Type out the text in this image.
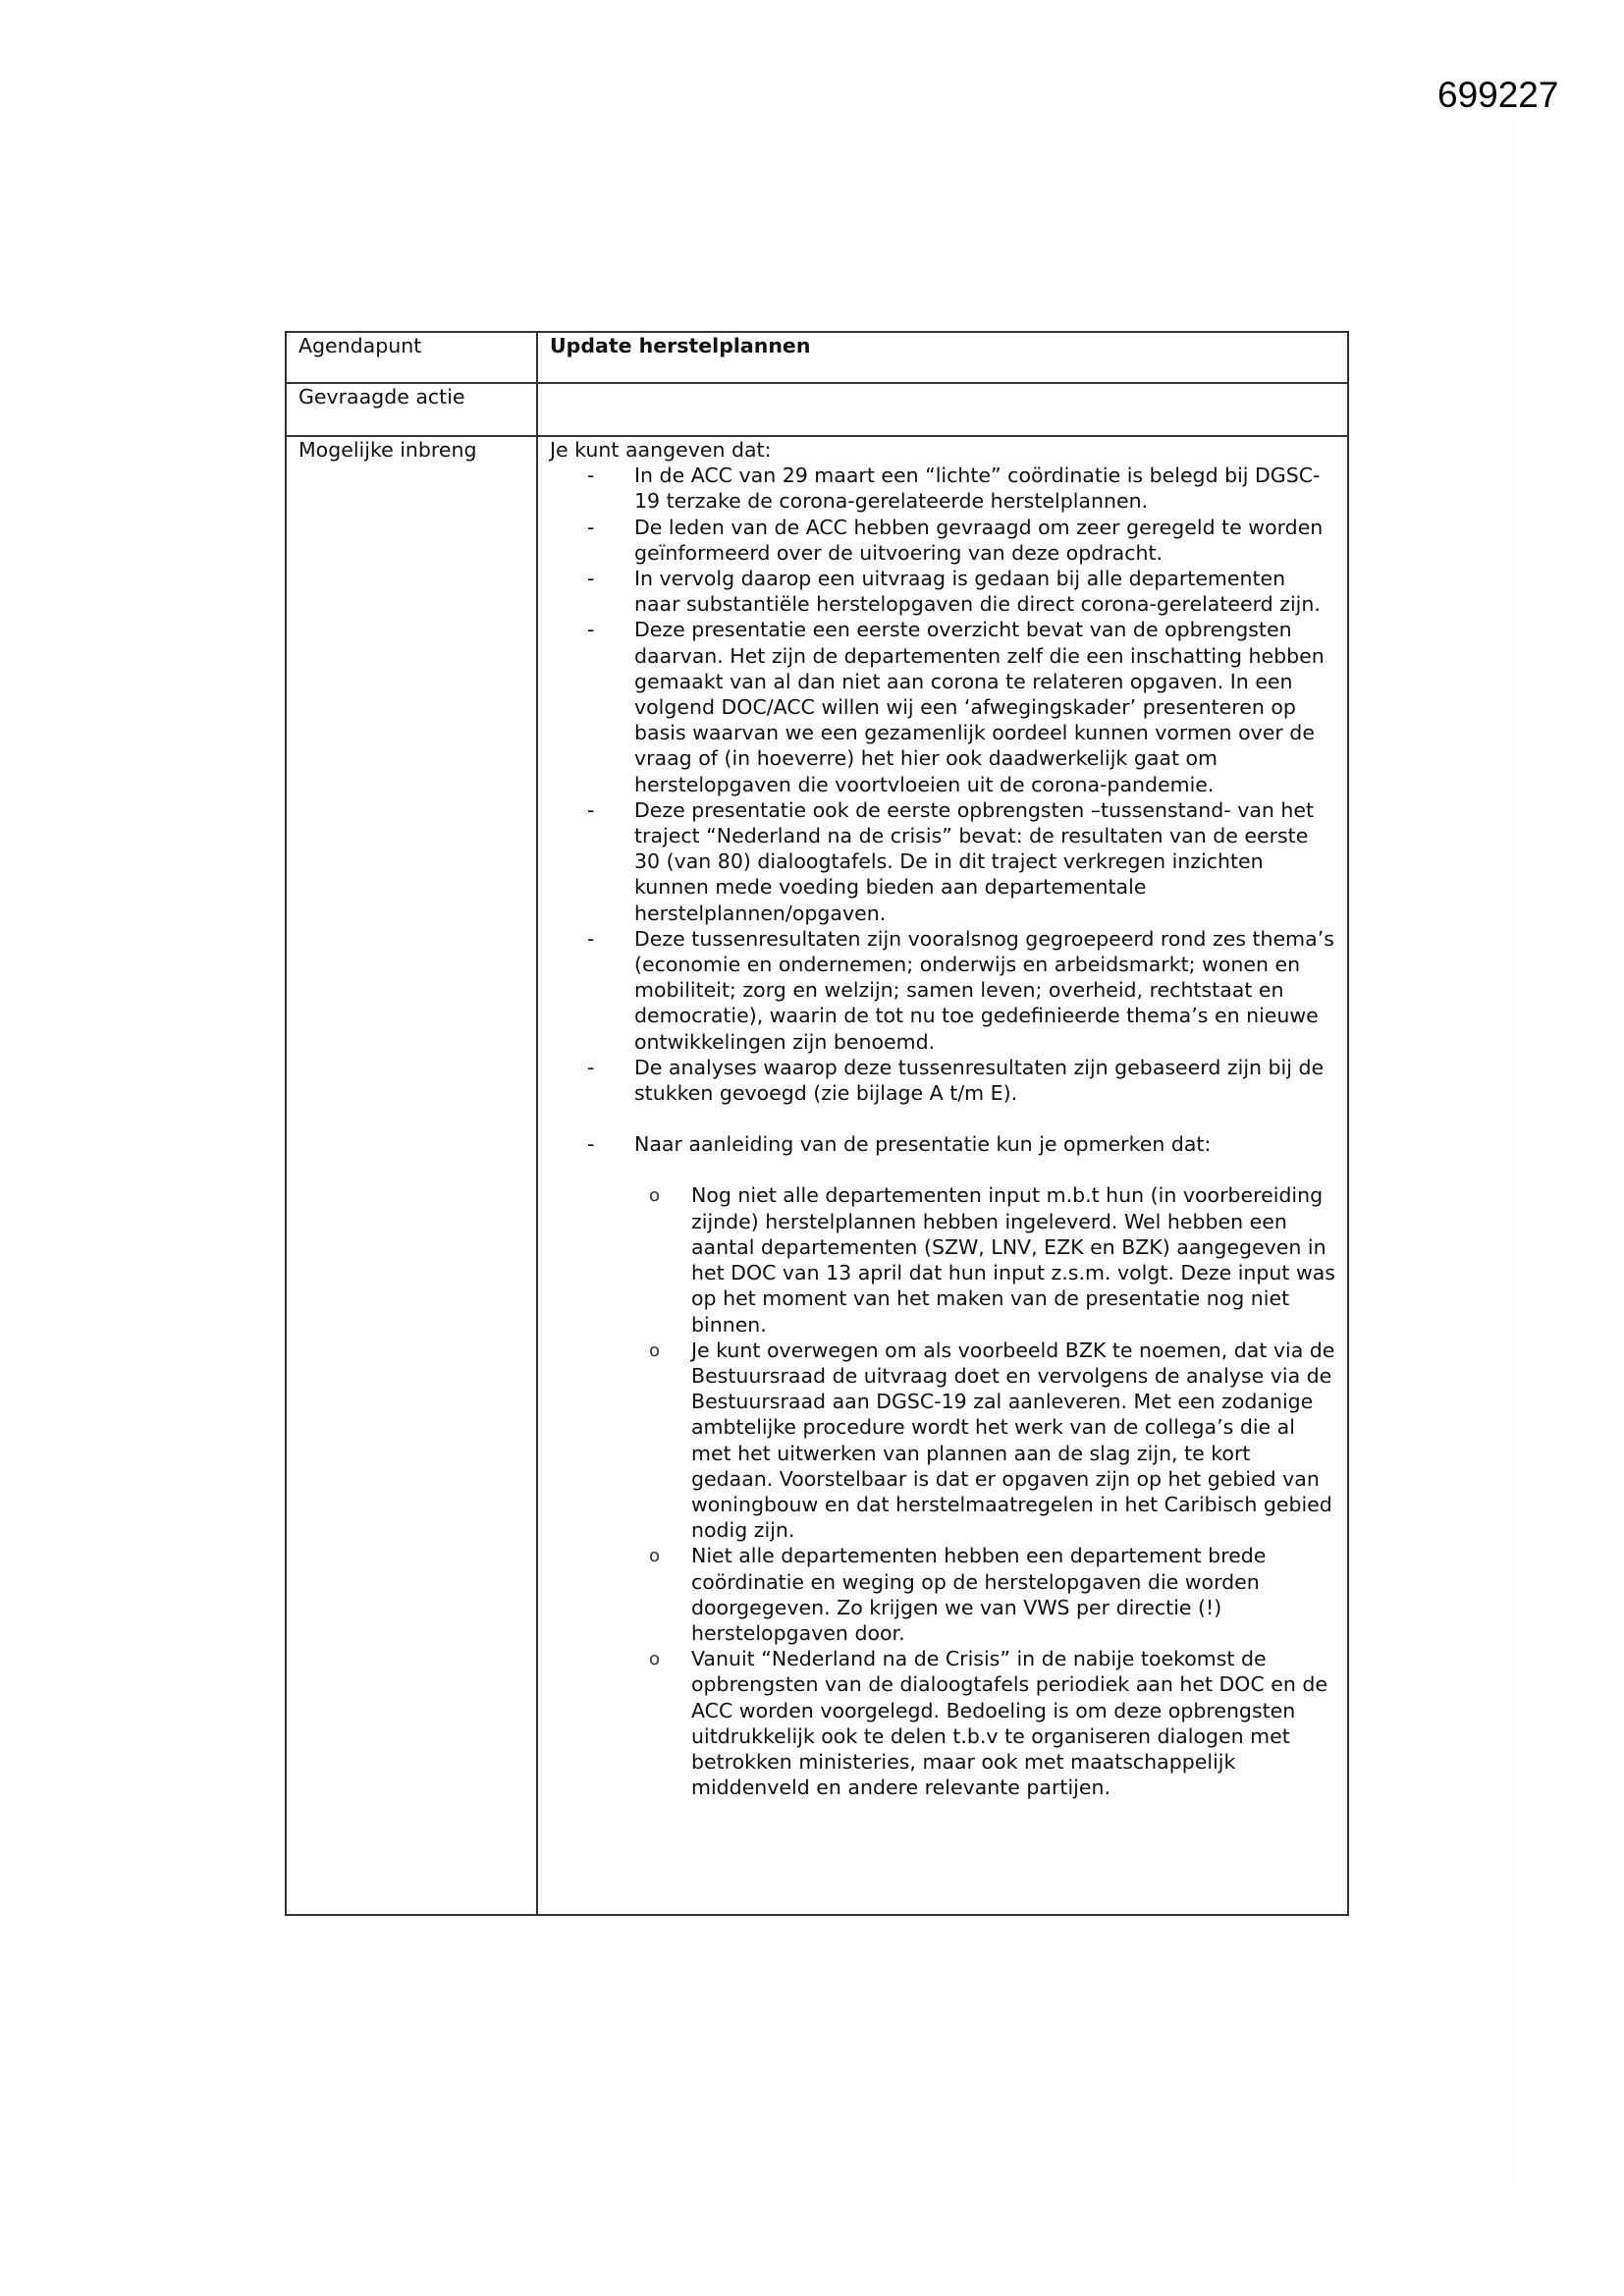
699227
Agendapunt	Update herstelplannen
Gevraagde actie	
Mogelijke inbreng	Je kunt aangeven dat:

-	In de ACC van 29 maart een “lichte” coördinatie is belegd bij DGSC-19 terzake de corona-gerelateerde herstelplannen.
-	De leden van de ACC hebben gevraagd om zeer geregeld te worden geïnformeerd over de uitvoering van deze opdracht.
-	In vervolg daarop een uitvraag is gedaan bij alle departementen naar substantiële herstelopgaven die direct corona-gerelateerd zijn.
-	Deze presentatie een eerste overzicht bevat van de opbrengsten daarvan. Het zijn de departementen zelf die een inschatting hebben gemaakt van al dan niet aan corona te relateren opgaven. In een volgend DOC/ACC willen wij een ‘afwegingskader’ presenteren op basis waarvan we een gezamenlijk oordeel kunnen vormen over de vraag of (in hoeverre) het hier ook daadwerkelijk gaat om herstelopgaven die voortvloeien uit de corona-pandemie.
-	Deze presentatie ook de eerste opbrengsten –tussenstand- van het traject “Nederland na de crisis” bevat: de resultaten van de eerste 30 (van 80) dialoogtafels. De in dit traject verkregen inzichten kunnen mede voeding bieden aan departementale herstelplannen/opgaven.
-	Deze tussenresultaten zijn vooralsnog gegroepeerd rond zes thema’s (economie en ondernemen; onderwijs en arbeidsmarkt; wonen en mobiliteit; zorg en welzijn; samen leven; overheid, rechtstaat en democratie), waarin de tot nu toe gedefinieerde thema’s en nieuwe ontwikkelingen zijn benoemd.
-	De analyses waarop deze tussenresultaten zijn gebaseerd zijn bij de stukken gevoegd (zie bijlage A t/m E).
-	Naar aanleiding van de presentatie kun je opmerken dat:
o	Nog niet alle departementen input m.b.t hun (in voorbereiding zijnde) herstelplannen hebben ingeleverd. Wel hebben een aantal departementen (SZW, LNV, EZK en BZK) aangegeven in het DOC van 13 april dat hun input z.s.m. volgt. Deze input was op het moment van het maken van de presentatie nog niet binnen.
o	Je kunt overwegen om als voorbeeld BZK te noemen, dat via de Bestuursraad de uitvraag doet en vervolgens de analyse via de Bestuursraad aan DGSC-19 zal aanleveren. Met een zodanige ambtelijke procedure wordt het werk van de collega’s die al met het uitwerken van plannen aan de slag zijn, te kort gedaan. Voorstelbaar is dat er opgaven zijn op het gebied van woningbouw en dat herstelmaatregelen in het Caribisch gebied nodig zijn.
o	Niet alle departementen hebben een departement brede coördinatie en weging op de herstelopgaven die worden doorgegeven. Zo krijgen we van VWS per directie (!) herstelopgaven door.
o	Vanuit “Nederland na de Crisis” in de nabije toekomst de opbrengsten van de dialoogtafels periodiek aan het DOC en de ACC worden voorgelegd. Bedoeling is om deze opbrengsten uitdrukkelijk ook te delen t.b.v te organiseren dialogen met betrokken ministeries, maar ook met maatschappelijk middenveld en andere relevante partijen.
